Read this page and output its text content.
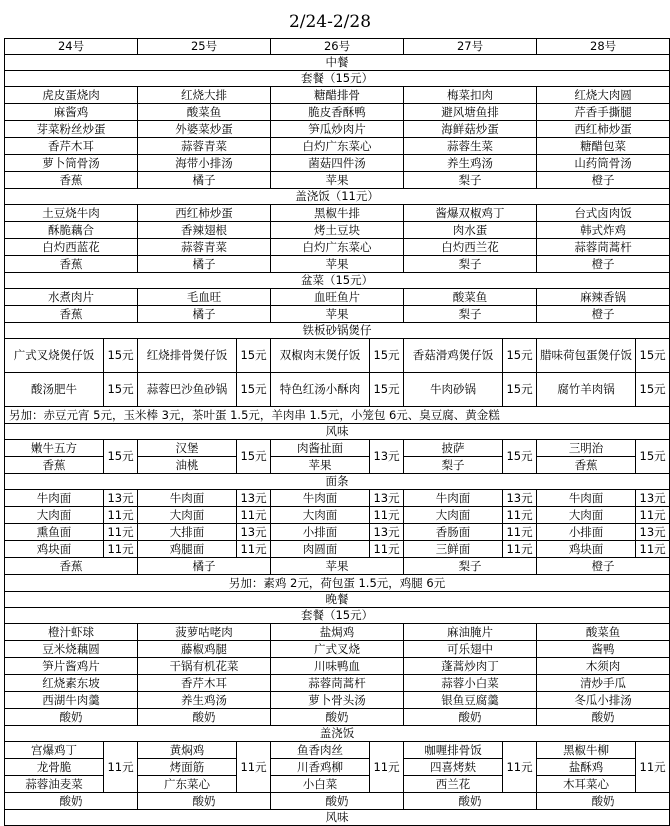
2/24-2/28
24号		25号		26号		27号		28号	
中餐									
套餐（15元）									
虎皮蛋烧肉		红烧大排		糖醋排骨		梅菜扣肉		红烧大肉圆	
麻酱鸡		酸菜鱼		脆皮香酥鸭		避风塘鱼排		芹香手撕腿	
芽菜粉丝炒蛋		外婆菜炒蛋		笋瓜炒肉片		海鲜菇炒蛋		西红柿炒蛋	
香芹木耳		蒜蓉青菜		白灼广东菜心		蒜蓉生菜		糖醋包菜	
萝卜筒骨汤		海带小排汤		菌菇四件汤		养生鸡汤		山药筒骨汤	
香蕉		橘子		苹果		梨子		橙子	
盖浇饭（11元）									
土豆烧牛肉		西红柿炒蛋		黑椒牛排		酱爆双椒鸡丁		台式卤肉饭	
酥脆藕合		香辣翅根		烤土豆块		肉水蛋		韩式炸鸡	
白灼西蓝花		蒜蓉青菜		白灼广东菜心		白灼西兰花		蒜蓉茼蒿杆	
香蕉		橘子		苹果		梨子		橙子	
盆菜（15元）									
水煮肉片		毛血旺		血旺鱼片		酸菜鱼		麻辣香锅	
香蕉		橘子		苹果		梨子		橙子	
铁板砂锅煲仔									
广式叉烧煲仔饭	15元	红烧排骨煲仔饭	15元	双椒肉末煲仔饭	15元	香菇滑鸡煲仔饭	15元	腊味荷包蛋煲仔饭	15元
酸汤肥牛	15元	蒜蓉巴沙鱼砂锅	15元	特色红汤小酥肉	15元	牛肉砂锅	15元	腐竹羊肉锅	15元
另加：赤豆元宵 5元，玉米棒 3元，茶叶蛋 1.5元，羊肉串 1.5元，小笼包 6元、臭豆腐、黄金糕									
风味									
嫩牛五方	15元	汉堡	15元	肉酱扯面	13元	披萨	15元	三明治	15元
香蕉		油桃		苹果		梨子		香蕉	
面条									
牛肉面	13元	牛肉面	13元	牛肉面	13元	牛肉面	13元	牛肉面	13元
大肉面	11元	大肉面	11元	大肉面	11元	大肉面	11元	大肉面	11元
熏鱼面	11元	大排面	13元	小排面	13元	香肠面	11元	小排面	13元
鸡块面	11元	鸡腿面	11元	肉圆面	11元	三鲜面	11元	鸡块面	11元
香蕉		橘子		苹果		梨子		橙子	
另加：素鸡 2元，荷包蛋 1.5元，鸡腿 6元									
晚餐									
套餐（15元）									
橙汁虾球		菠萝咕咾肉		盐焗鸡		麻油腌片		酸菜鱼	
豆米烧藕圆		藤椒鸡腿		广式叉烧		可乐翅中		酱鸭	
笋片酱鸡片		干锅有机花菜		川味鸭血		蓬蒿炒肉丁		木须肉	
红烧素东坡		香芹木耳		蒜蓉茼蒿杆		蒜蓉小白菜		清炒手瓜	
西湖牛肉羹		养生鸡汤		萝卜骨头汤		银鱼豆腐羹		冬瓜小排汤	
酸奶		酸奶		酸奶		酸奶		酸奶	
盖浇饭									
宫爆鸡丁	11元	黄焖鸡	11元	鱼香肉丝	11元	咖喱排骨饭	11元	黑椒牛柳	11元
龙骨脆		烤面筋		川香鸡柳		四喜烤麸		盐酥鸡	
蒜蓉油麦菜		广东菜心		小白菜		西兰花		木耳菜心	
酸奶		酸奶		酸奶		酸奶		酸奶	
风味									
